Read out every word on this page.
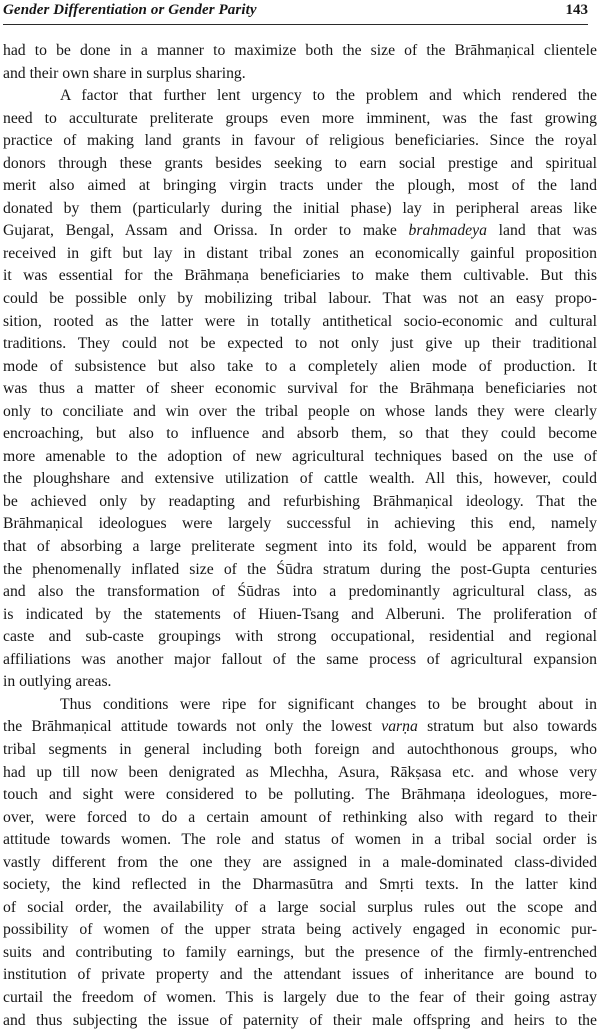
Gender Differentiation or Gender Parity	143
had to be done in a manner to maximize both the size of the Brāhmaṇical clientele
and their own share in surplus sharing.
A factor that further lent urgency to the problem and which rendered the
need to acculturate preliterate groups even more imminent, was the fast growing
practice of making land grants in favour of religious beneficiaries. Since the royal
donors through these grants besides seeking to earn social prestige and spiritual
merit also aimed at bringing virgin tracts under the plough, most of the land
donated by them (particularly during the initial phase) lay in peripheral areas like
Gujarat, Bengal, Assam and Orissa. In order to make brahmadeya land that was
received in gift but lay in distant tribal zones an economically gainful proposition
it was essential for the Brāhmaṇa beneficiaries to make them cultivable. But this
could be possible only by mobilizing tribal labour. That was not an easy propo-
sition, rooted as the latter were in totally antithetical socio-economic and cultural
traditions. They could not be expected to not only just give up their traditional
mode of subsistence but also take to a completely alien mode of production. It
was thus a matter of sheer economic survival for the Brāhmaṇa beneficiaries not
only to conciliate and win over the tribal people on whose lands they were clearly
encroaching, but also to influence and absorb them, so that they could become
more amenable to the adoption of new agricultural techniques based on the use of
the ploughshare and extensive utilization of cattle wealth. All this, however, could
be achieved only by readapting and refurbishing Brāhmaṇical ideology. That the
Brāhmaṇical ideologues were largely successful in achieving this end, namely
that of absorbing a large preliterate segment into its fold, would be apparent from
the phenomenally inflated size of the Śūdra stratum during the post-Gupta centuries
and also the transformation of Śūdras into a predominantly agricultural class, as
is indicated by the statements of Hiuen-Tsang and Alberuni. The proliferation of
caste and sub-caste groupings with strong occupational, residential and regional
affiliations was another major fallout of the same process of agricultural expansion
in outlying areas.
Thus conditions were ripe for significant changes to be brought about in
the Brāhmaṇical attitude towards not only the lowest varṇa stratum but also towards
tribal segments in general including both foreign and autochthonous groups, who
had up till now been denigrated as Mlechha, Asura, Rākṣasa etc. and whose very
touch and sight were considered to be polluting. The Brāhmaṇa ideologues, more-
over, were forced to do a certain amount of rethinking also with regard to their
attitude towards women. The role and status of women in a tribal social order is
vastly different from the one they are assigned in a male-dominated class-divided
society, the kind reflected in the Dharmasūtra and Smṛti texts. In the latter kind
of social order, the availability of a large social surplus rules out the scope and
possibility of women of the upper strata being actively engaged in economic pur-
suits and contributing to family earnings, but the presence of the firmly-entrenched
institution of private property and the attendant issues of inheritance are bound to
curtail the freedom of women. This is largely due to the fear of their going astray
and thus subjecting the issue of paternity of their male offspring and heirs to the
